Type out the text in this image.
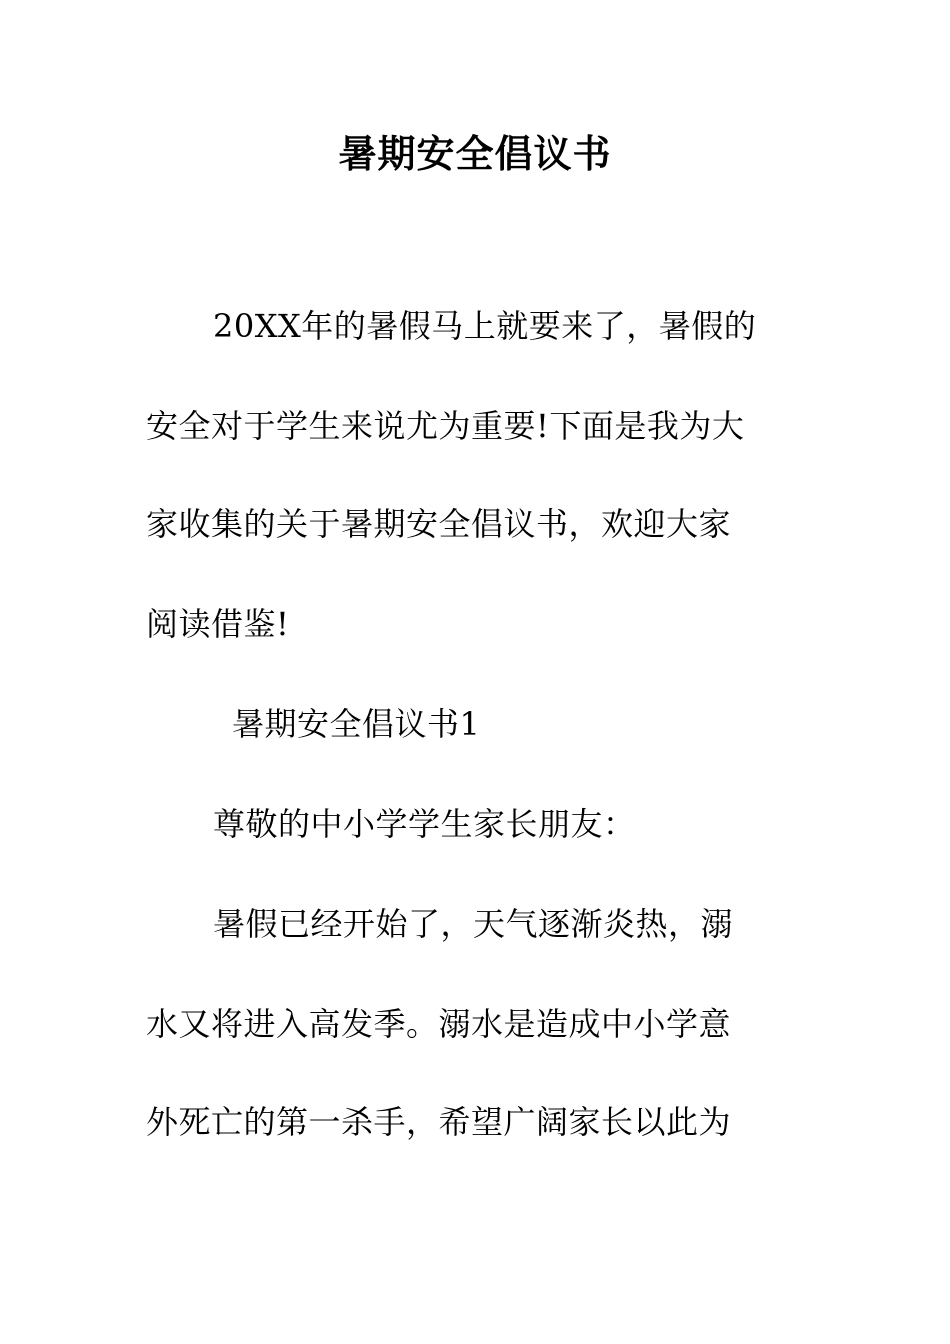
暑期安全倡议书
20XX年的暑假马上就要来了，暑假的
安全对于学生来说尤为重要!下面是我为大
家收集的关于暑期安全倡议书，欢迎大家
阅读借鉴!
暑期安全倡议书1
尊敬的中小学学生家长朋友：
暑假已经开始了，天气逐渐炎热，溺
水又将进入高发季。溺水是造成中小学意
外死亡的第一杀手，希望广阔家长以此为
